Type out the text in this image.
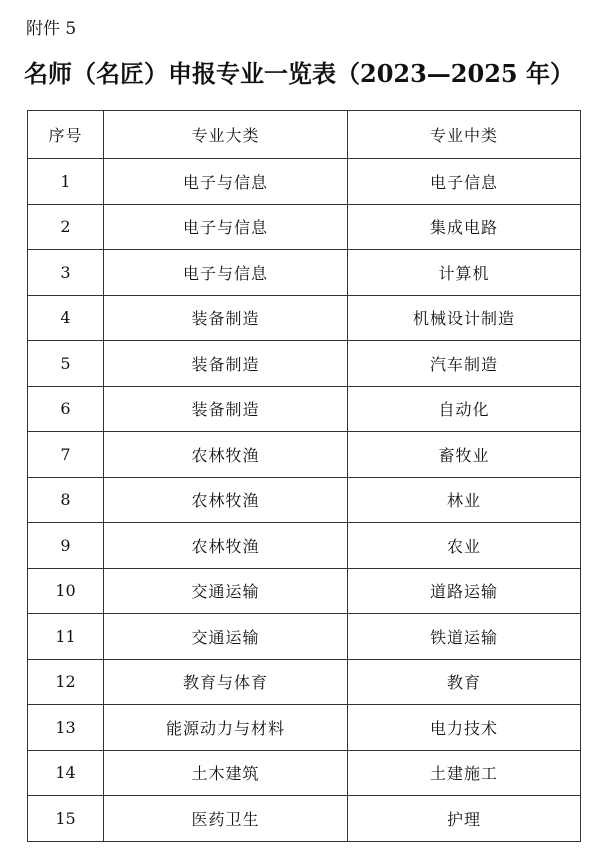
附件 5
名师（名匠）申报专业一览表（2023—2025 年）
序号	专业大类	专业中类
1	电子与信息	电子信息
2	电子与信息	集成电路
3	电子与信息	计算机
4	装备制造	机械设计制造
5	装备制造	汽车制造
6	装备制造	自动化
7	农林牧渔	畜牧业
8	农林牧渔	林业
9	农林牧渔	农业
10	交通运输	道路运输
11	交通运输	铁道运输
12	教育与体育	教育
13	能源动力与材料	电力技术
14	土木建筑	土建施工
15	医药卫生	护理
